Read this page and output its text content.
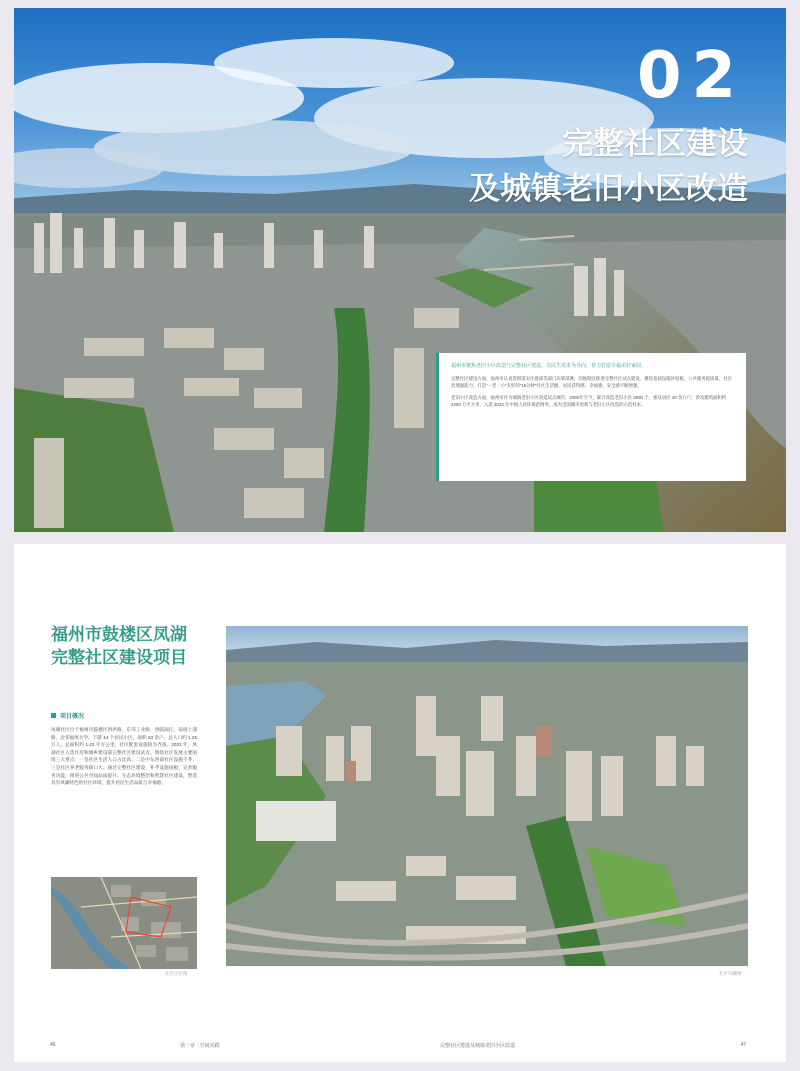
02
完整社区建设
及城镇老旧小区改造

福州市聚焦老旧小区改造与完整社区建设，以民生需求为导向，着力打造幸福美好家园。

完整社区建设方面，福州市认真贯彻落实住建部等部门决策部署，因地制宜推进完整社区试点建设，聚焦基础设施补短板、公共服务提质量、社区治理强能力，打造“一老一小”友好的“15分钟”社区生活圈，居民获得感、幸福感、安全感不断增强。

老旧小区改造方面，福州市作为城镇老旧小区改造试点城市，2000年至今，累计改造老旧小区 2830 个，惠及居民 40 余万户，涉及建筑面积约 2200 万平方米，入选 2023 年中国人居环境范例奖，成为全国城市更新与老旧小区改造的示范样本。

福州市鼓楼区凤湖
完整社区建设项目
项目概况

凤湖社区位于福州市鼓楼区西洪路，东邻工业路，西临闽江，南接上浦路，北邻福州大学。下辖 14 个居民小区，面积 63 余户，总人口约 1.25 万人，总面积约 1.43 平方公里，社区配套设施较为齐备。2023 年，凤湖社区入选住房和城乡建设部完整社区建设试点。围绕社区发展主要困境三大难点：一是社区生活人口占比高；二是中东西部社区设施不齐；三是社区养老服务缺口大。通过完整社区建设，补齐设施短板，完善服务功能，推进公共空间品质提升、生态环境整治和智慧社区建设，塑造具有凤湖特色的社区环境，提升居民生活品质与幸福感。

社区区位图	社区鸟瞰图
46	第一章 · 空间实践	完整社区建设及城镇老旧小区改造	47
